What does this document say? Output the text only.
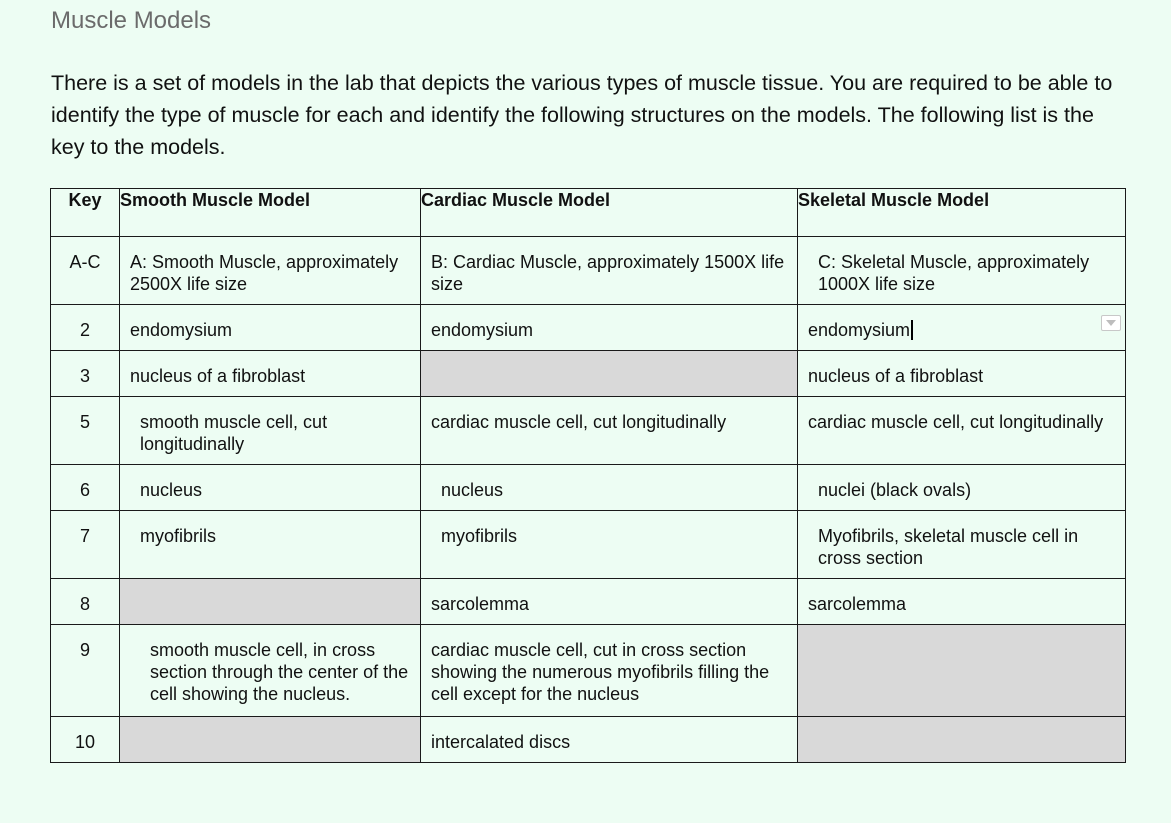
Muscle Models
There is a set of models in the lab that depicts the various types of muscle tissue. You are required to be able to identify the type of muscle for each and identify the following structures on the models. The following list is the key to the models.
Key	Smooth Muscle Model	Cardiac Muscle Model	Skeletal Muscle Model

A-C	A: Smooth Muscle, approximately 2500X life size	B: Cardiac Muscle, approximately 1500X life size	C: Skeletal Muscle, approximately 1000X life size

2	endomysium	endomysium	endomysium

3	nucleus of a fibroblast		nucleus of a fibroblast

5	smooth muscle cell, cut longitudinally	cardiac muscle cell, cut longitudinally	cardiac muscle cell, cut longitudinally

6	nucleus	nucleus	nuclei (black ovals)

7	myofibrils	myofibrils	Myofibrils, skeletal muscle cell in cross section

8		sarcolemma	sarcolemma

9	smooth muscle cell, in cross section through the center of the cell showing the nucleus.	cardiac muscle cell, cut in cross section showing the numerous myofibrils filling the cell except for the nucleus	

10		intercalated discs	
